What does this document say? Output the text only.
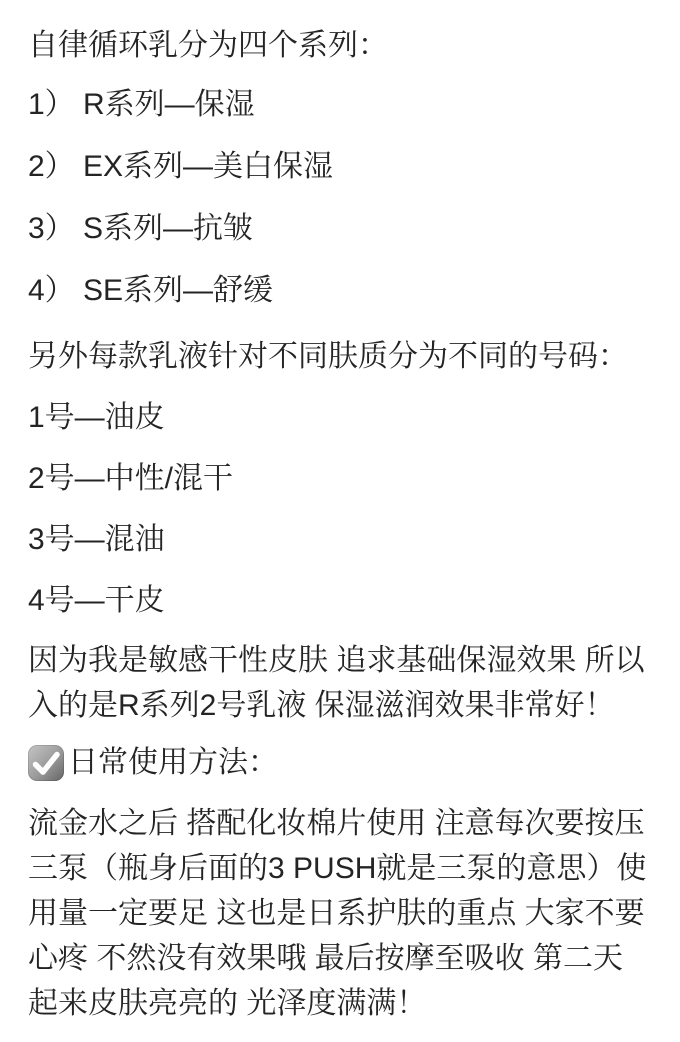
自律循环乳分为四个系列：
1） R系列—保湿
2） EX系列—美白保湿
3） S系列—抗皱
4） SE系列—舒缓
另外每款乳液针对不同肤质分为不同的号码：
1号—油皮
2号—中性/混干
3号—混油
4号—干皮
因为我是敏感干性皮肤 追求基础保湿效果 所以
入的是R系列2号乳液 保湿滋润效果非常好！
日常使用方法：
流金水之后 搭配化妆棉片使用 注意每次要按压
三泵（瓶身后面的3 PUSH就是三泵的意思）使
用量一定要足 这也是日系护肤的重点 大家不要
心疼 不然没有效果哦 最后按摩至吸收 第二天
起来皮肤亮亮的 光泽度满满！
